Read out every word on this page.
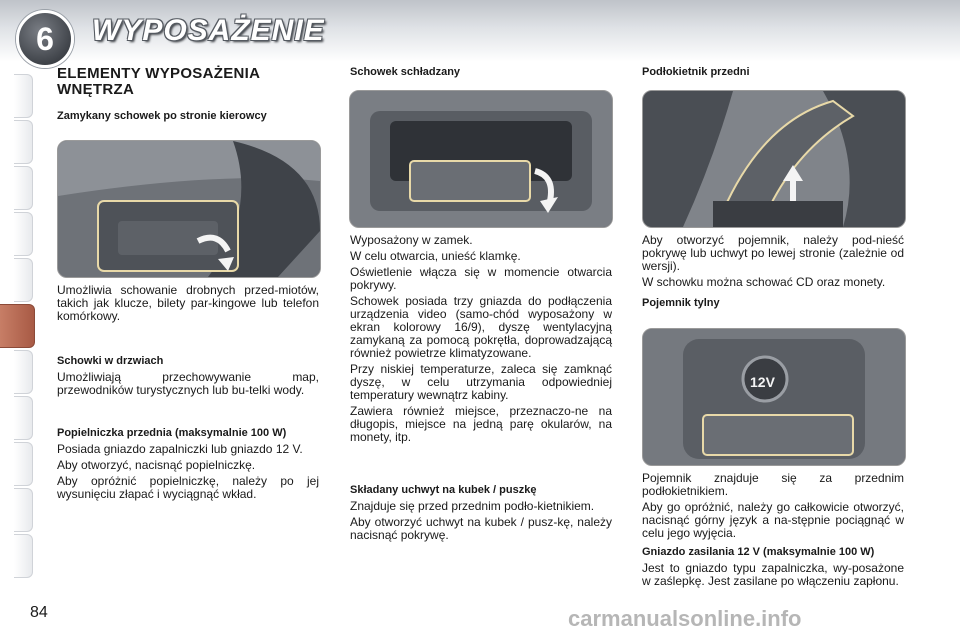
6	WYPOSAŻENIE
ELEMENTY WYPOSAŻENIA WNĘTRZA
Zamykany schowek po stronie kierowcy

Umożliwia schowanie drobnych przed-miotów, takich jak klucze, bilety par-kingowe lub telefon komórkowy.

Schowki w drzwiach

Umożliwiają przechowywanie map, przewodników turystycznych lub bu-telki wody.

Popielniczka przednia (maksymalnie 100 W)

Posiada gniazdo zapalniczki lub gniazdo 12 V.

Aby otworzyć, nacisnąć popielniczkę.

Aby opróżnić popielniczkę, należy po jej wysunięciu złapać i wyciągnąć wkład.

Schowek schładzany

Wyposażony w zamek.

W celu otwarcia, unieść klamkę.

Oświetlenie włącza się w momencie otwarcia pokrywy.

Schowek posiada trzy gniazda do podłączenia urządzenia video (samo-chód wyposażony w ekran kolorowy 16/9), dyszę wentylacyjną zamykaną za pomocą pokrętła, doprowadzającą również powietrze klimatyzowane.

Przy niskiej temperaturze, zaleca się zamknąć dyszę, w celu utrzymania odpowiedniej temperatury wewnątrz kabiny.

Zawiera również miejsce, przeznaczo-ne na długopis, miejsce na jedną parę okularów, na monety, itp.

Składany uchwyt na kubek / puszkę

Znajduje się przed przednim podło-kietnikiem.

Aby otworzyć uchwyt na kubek / pusz-kę, należy nacisnąć pokrywę.

Podłokietnik przedni

Aby otworzyć pojemnik, należy pod-nieść pokrywę lub uchwyt po lewej stronie (zależnie od wersji).

W schowku można schować CD oraz monety.

Pojemnik tylny
12V

Pojemnik znajduje się za przednim podłokietnikiem.

Aby go opróżnić, należy go całkowicie otworzyć, nacisnąć górny język a na-stępnie pociągnąć w celu jego wyjęcia.

Gniazdo zasilania 12 V (maksymalnie 100 W)

Jest to gniazdo typu zapalniczka, wy-posażone w zaślepkę. Jest zasilane po włączeniu zapłonu.

84	carmanualsonline.info
